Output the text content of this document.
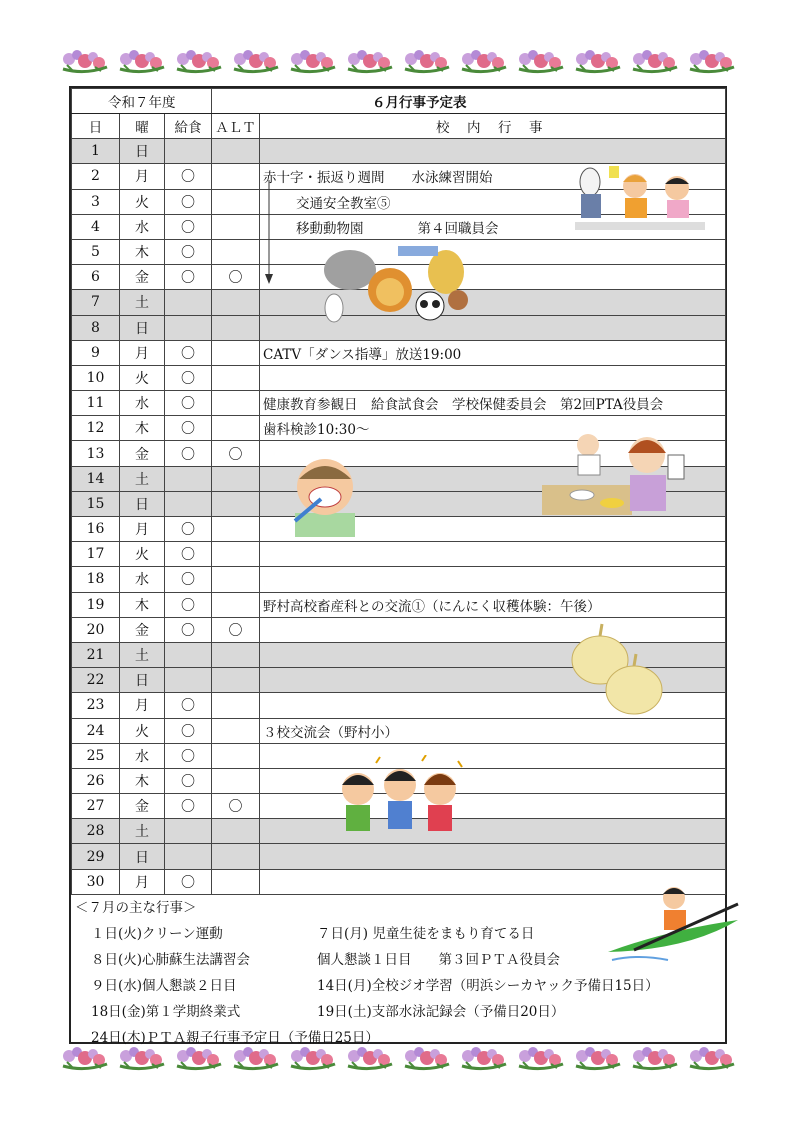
令和７年度			６月行事予定表	
日	曜	給食	ＡＬＴ	校　内　行　事
1	日			
2	月	〇		赤十字・振返り週間　　水泳練習開始
3	火	〇		交通安全教室⑤
4	水	〇		移動動物園　　　　第４回職員会
5	木	〇		
6	金	〇	〇	
7	土			
8	日			
9	月	〇		CATV「ダンス指導」放送19:00
10	火	〇		
11	水	〇		健康教育参観日　給食試食会　学校保健委員会　第2回PTA役員会
12	木	〇		歯科検診10:30～
13	金	〇	〇	
14	土			
15	日			
16	月	〇		
17	火	〇		
18	水	〇		
19	木	〇		野村高校畜産科との交流①（にんにく収穫体験：午後）
20	金	〇	〇	
21	土			
22	日			
23	月	〇		
24	火	〇		３校交流会（野村小）
25	水	〇		
26	木	〇		
27	金	〇	〇	
28	土			
29	日			
30	月	〇		
＜７月の主な行事＞
１日(火)クリーン運動	７日(月) 児童生徒をまもり育てる日
８日(火)心肺蘇生法講習会	個人懇談１日目　　第３回ＰＴＡ役員会
９日(水)個人懇談２日目	14日(月)全校ジオ学習（明浜シーカヤック予備日15日）
18日(金)第１学期終業式	19日(土)支部水泳記録会（予備日20日）
24日(木)ＰＴＡ親子行事予定日（予備日25日）
